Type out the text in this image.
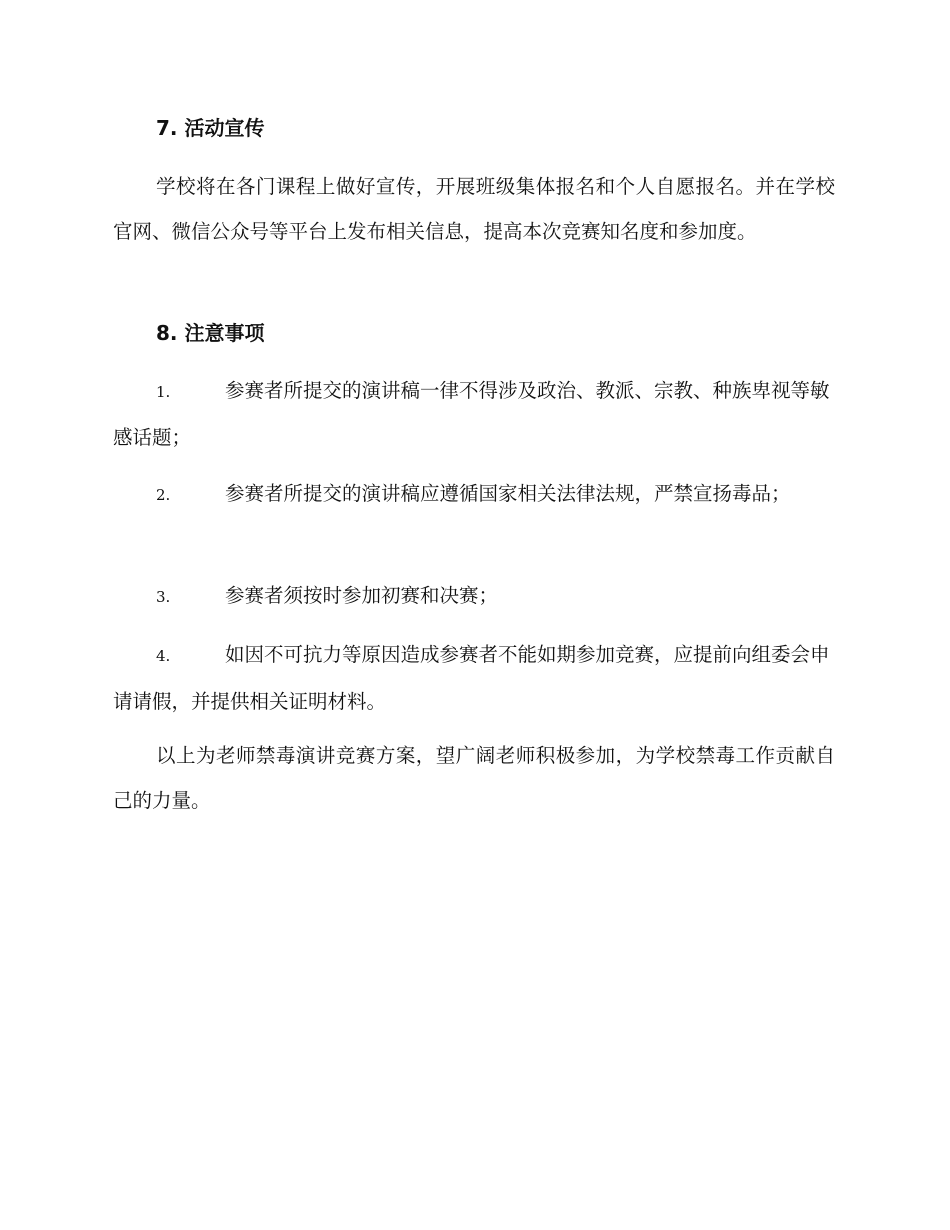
7. 活动宣传

学校将在各门课程上做好宣传，开展班级集体报名和个人自愿报名。并在学校官网、微信公众号等平台上发布相关信息，提高本次竞赛知名度和参加度。

8. 注意事项

1.	参赛者所提交的演讲稿一律不得涉及政治、教派、宗教、种族卑视等敏感话题；

2.	参赛者所提交的演讲稿应遵循国家相关法律法规，严禁宣扬毒品；

3.	参赛者须按时参加初赛和决赛；

4.	如因不可抗力等原因造成参赛者不能如期参加竞赛，应提前向组委会申请请假，并提供相关证明材料。

以上为老师禁毒演讲竞赛方案，望广阔老师积极参加，为学校禁毒工作贡献自己的力量。
